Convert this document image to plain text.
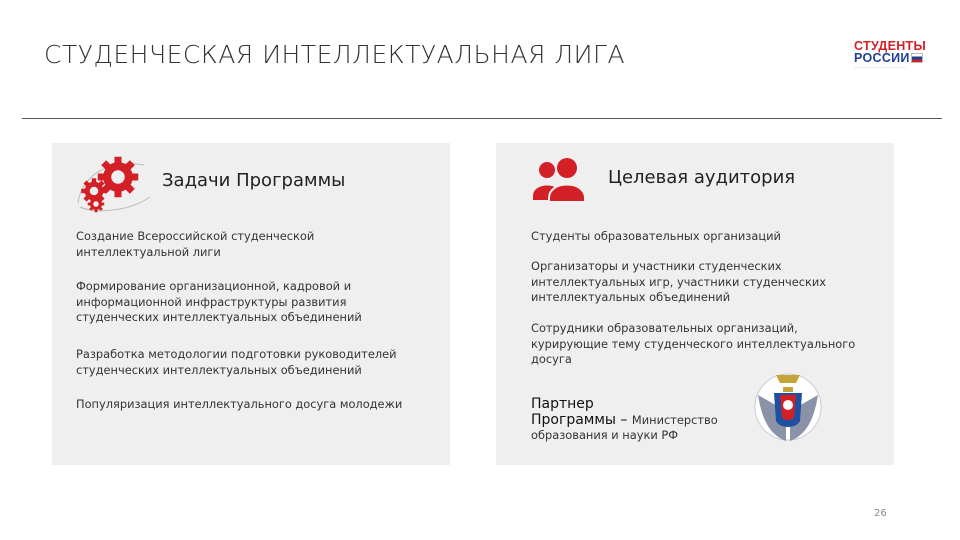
СТУДЕНЧЕСКАЯ ИНТЕЛЛЕКТУАЛЬНАЯ ЛИГА	СТУДЕНТЫ
РОССИИ
·······································
Задачи Программы
Создание Всероссийской студенческой интеллектуальной лиги
Формирование организационной, кадровой и информационной инфраструктуры развития студенческих интеллектуальных объединений
Разработка методологии подготовки руководителей студенческих интеллектуальных объединений
Популяризация интеллектуального досуга молодежи
Целевая аудитория
Студенты образовательных организаций
Организаторы и участники студенческих интеллектуальных игр, участники студенческих интеллектуальных объединений
Сотрудники образовательных организаций, курирующие тему студенческого интеллектуального досуга
Партнер
Программы – Министерство
образования и науки РФ
26
